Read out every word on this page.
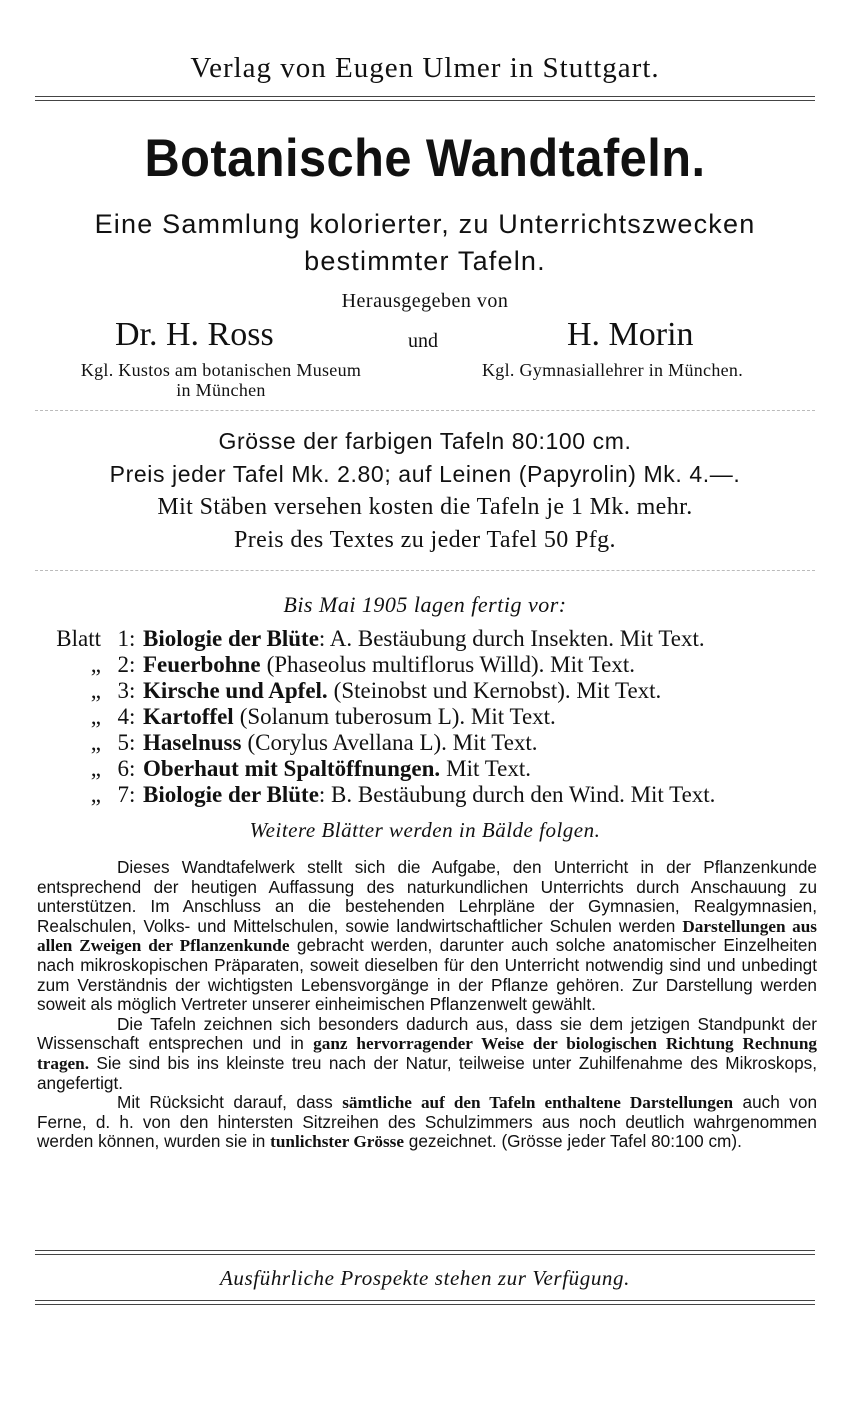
Verlag von Eugen Ulmer in Stuttgart.
Botanische Wandtafeln.
Eine Sammlung kolorierter, zu Unterrichtszwecken
bestimmter Tafeln.
Herausgegeben von
Dr. H. Ross	und	H. Morin
Kgl. Kustos am botanischen Museum
in München
Kgl. Gymnasiallehrer in München.
Grösse der farbigen Tafeln 80:100 cm.
Preis jeder Tafel Mk. 2.80; auf Leinen (Papyrolin) Mk. 4.—.
Mit Stäben versehen kosten die Tafeln je 1 Mk. mehr.
Preis des Textes zu jeder Tafel 50 Pfg.
Bis Mai 1905 lagen fertig vor:
Blatt 1: Biologie der Blüte: A. Bestäubung durch Insekten. Mit Text.
„ 2: Feuerbohne (Phaseolus multiflorus Willd). Mit Text.
„ 3: Kirsche und Apfel. (Steinobst und Kernobst). Mit Text.
„ 4: Kartoffel (Solanum tuberosum L). Mit Text.
„ 5: Haselnuss (Corylus Avellana L). Mit Text.
„ 6: Oberhaut mit Spaltöffnungen. Mit Text.
„ 7: Biologie der Blüte: B. Bestäubung durch den Wind. Mit Text.
Weitere Blätter werden in Bälde folgen.

Dieses Wandtafelwerk stellt sich die Aufgabe, den Unterricht in der Pflanzenkunde entsprechend der heutigen Auffassung des naturkundlichen Unterrichts durch Anschauung zu unterstützen. Im Anschluss an die bestehenden Lehrpläne der Gymnasien, Realgymnasien, Realschulen, Volks- und Mittelschulen, sowie landwirtschaftlicher Schulen werden Darstellungen aus allen Zweigen der Pflanzenkunde gebracht werden, darunter auch solche anatomischer Einzelheiten nach mikroskopischen Präparaten, soweit dieselben für den Unterricht notwendig sind und unbedingt zum Verständnis der wichtigsten Lebensvorgänge in der Pflanze gehören. Zur Darstellung werden soweit als möglich Vertreter unserer einheimischen Pflanzenwelt gewählt.

Die Tafeln zeichnen sich besonders dadurch aus, dass sie dem jetzigen Standpunkt der Wissenschaft entsprechen und in ganz hervorragender Weise der biologischen Richtung Rechnung tragen. Sie sind bis ins kleinste treu nach der Natur, teilweise unter Zuhilfenahme des Mikroskops, angefertigt.

Mit Rücksicht darauf, dass sämtliche auf den Tafeln enthaltene Darstellungen auch von Ferne, d. h. von den hintersten Sitzreihen des Schulzimmers aus noch deutlich wahrgenommen werden können, wurden sie in tunlichster Grösse gezeichnet. (Grösse jeder Tafel 80:100 cm).

Ausführliche Prospekte stehen zur Verfügung.
